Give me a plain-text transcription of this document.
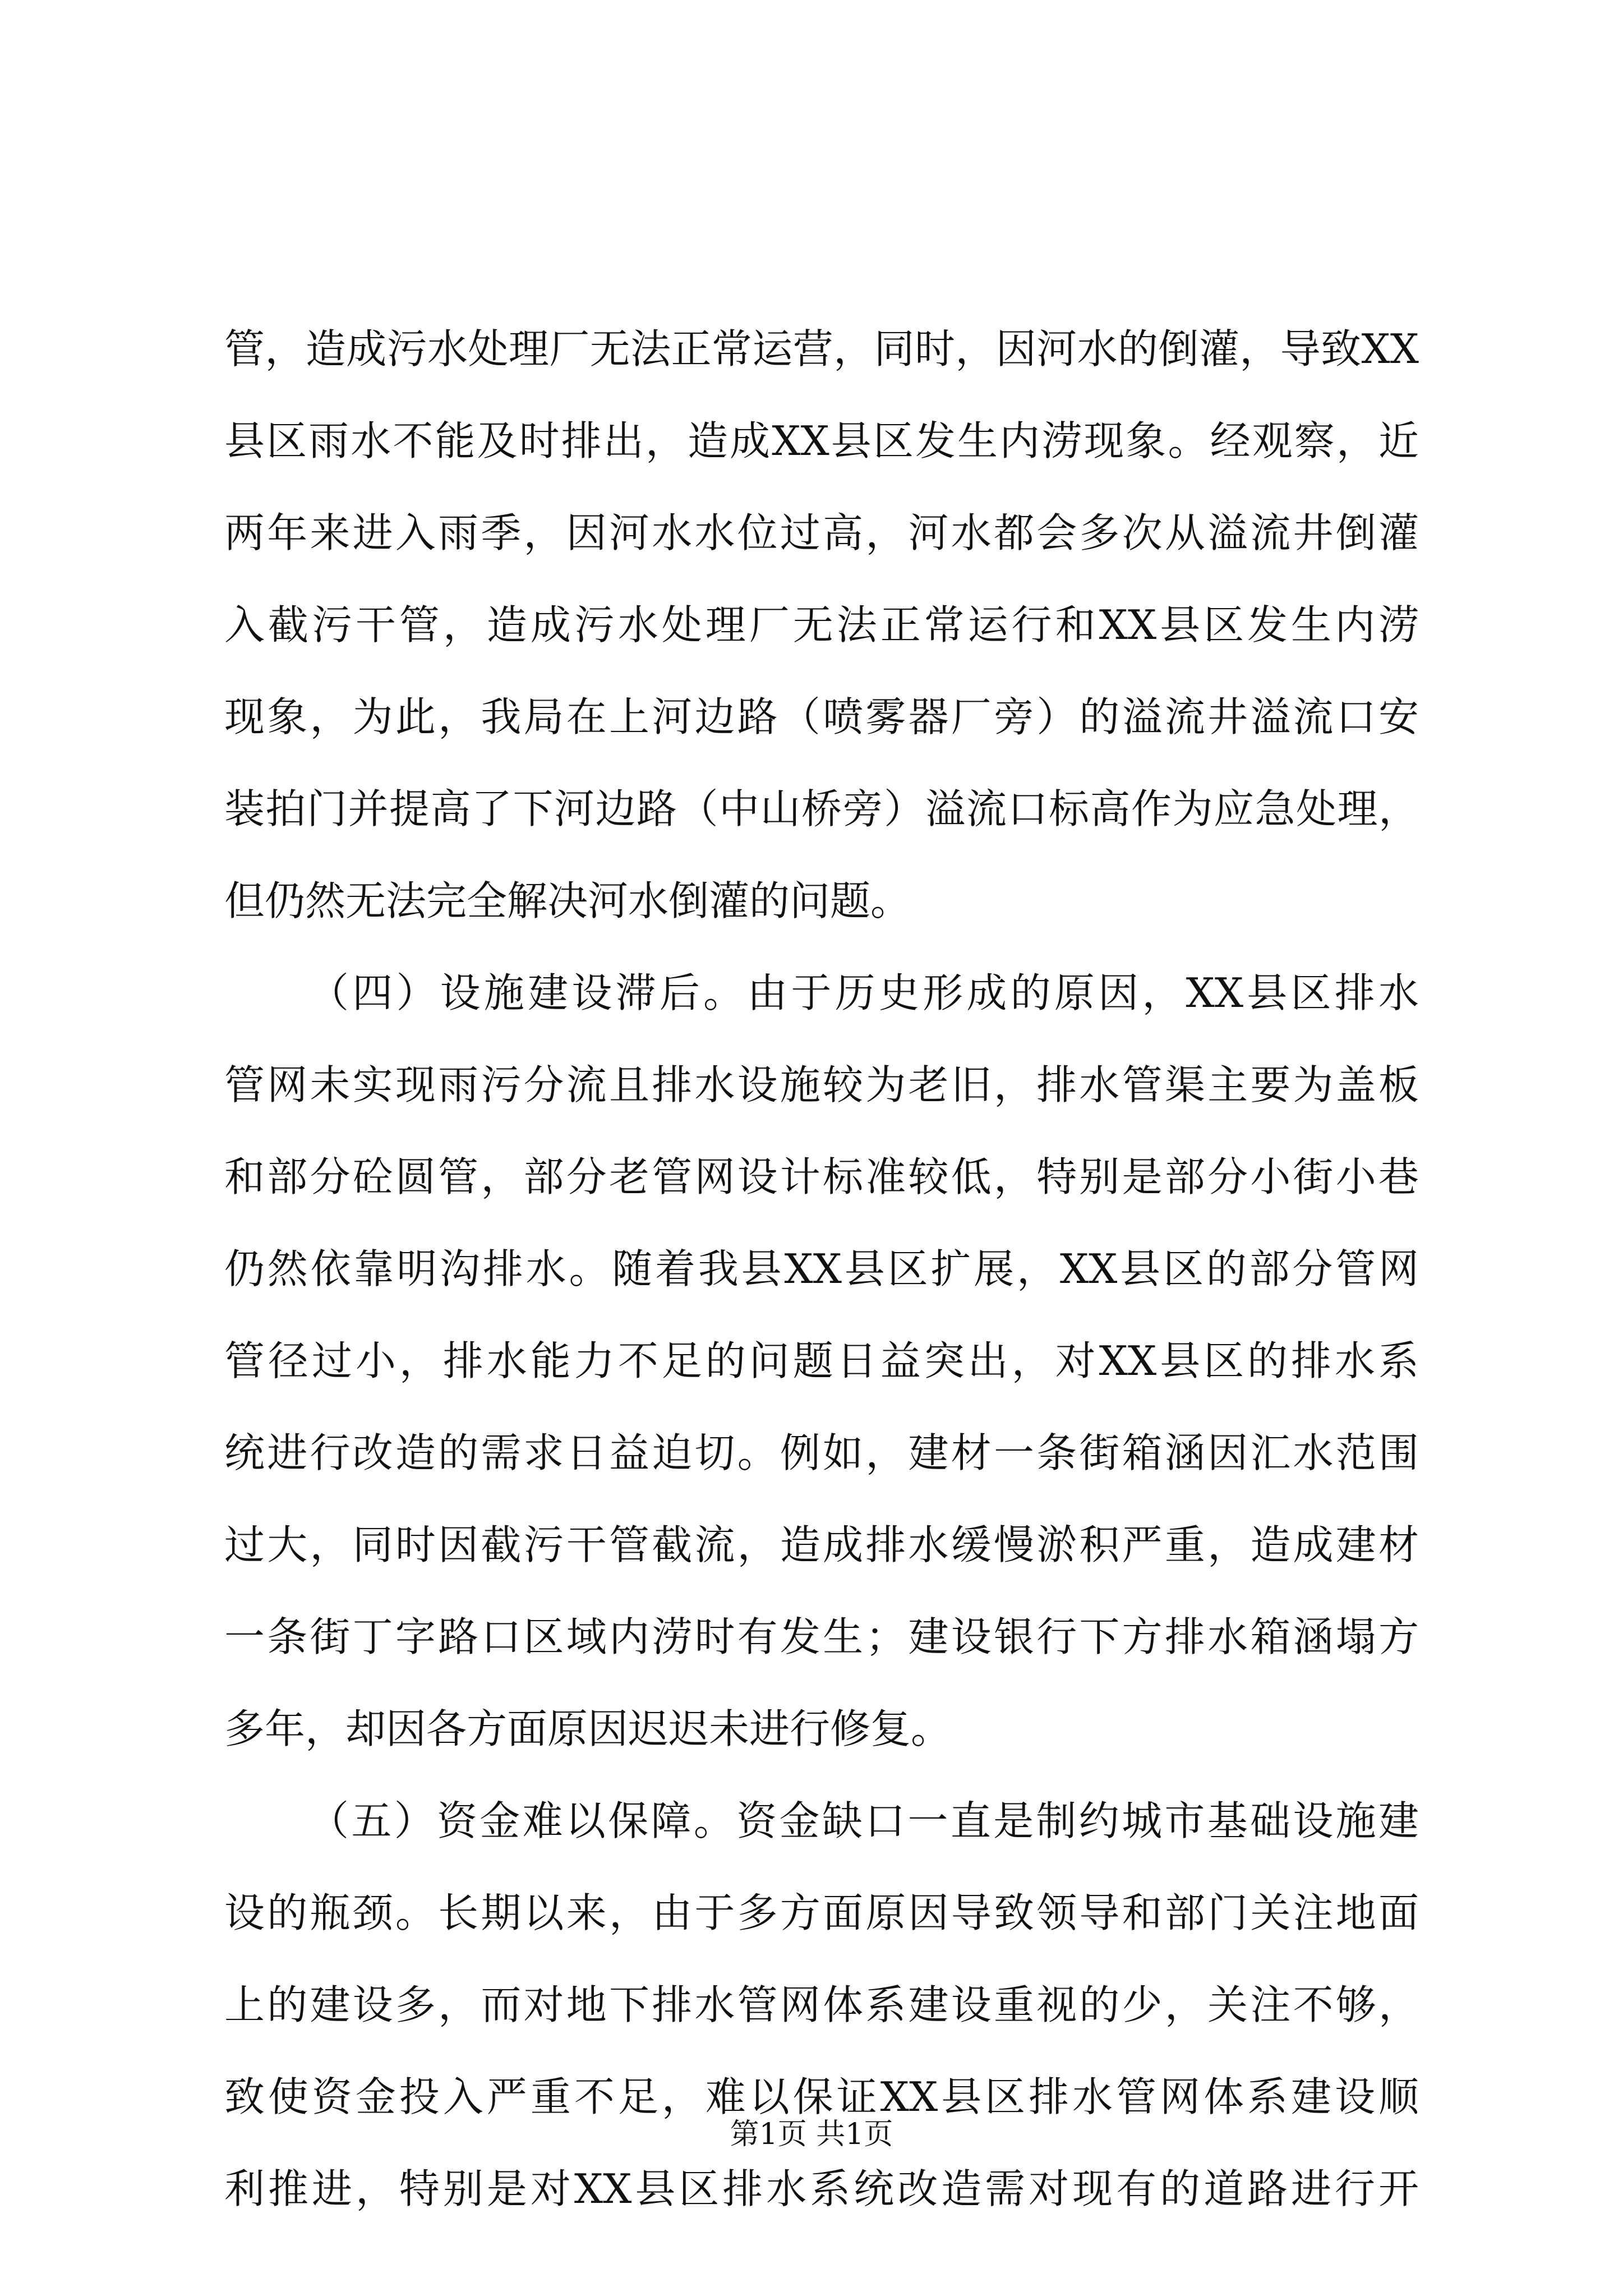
管，造成污水处理厂无法正常运营，同时，因河水的倒灌，导致XX
县区雨水不能及时排出，造成XX县区发生内涝现象。经观察，近
两年来进入雨季，因河水水位过高，河水都会多次从溢流井倒灌
入截污干管，造成污水处理厂无法正常运行和XX县区发生内涝
现象，为此，我局在上河边路（喷雾器厂旁）的溢流井溢流口安
装拍门并提高了下河边路（中山桥旁）溢流口标高作为应急处理，
但仍然无法完全解决河水倒灌的问题。
（四）设施建设滞后。由于历史形成的原因，XX县区排水
管网未实现雨污分流且排水设施较为老旧，排水管渠主要为盖板
和部分砼圆管，部分老管网设计标准较低，特别是部分小街小巷
仍然依靠明沟排水。随着我县XX县区扩展，XX县区的部分管网
管径过小，排水能力不足的问题日益突出，对XX县区的排水系
统进行改造的需求日益迫切。例如，建材一条街箱涵因汇水范围
过大，同时因截污干管截流，造成排水缓慢淤积严重，造成建材
一条街丁字路口区域内涝时有发生；建设银行下方排水箱涵塌方
多年，却因各方面原因迟迟未进行修复。
（五）资金难以保障。资金缺口一直是制约城市基础设施建
设的瓶颈。长期以来，由于多方面原因导致领导和部门关注地面
上的建设多，而对地下排水管网体系建设重视的少，关注不够，
致使资金投入严重不足，难以保证XX县区排水管网体系建设顺
利推进，特别是对XX县区排水系统改造需对现有的道路进行开
第1页 共1页
